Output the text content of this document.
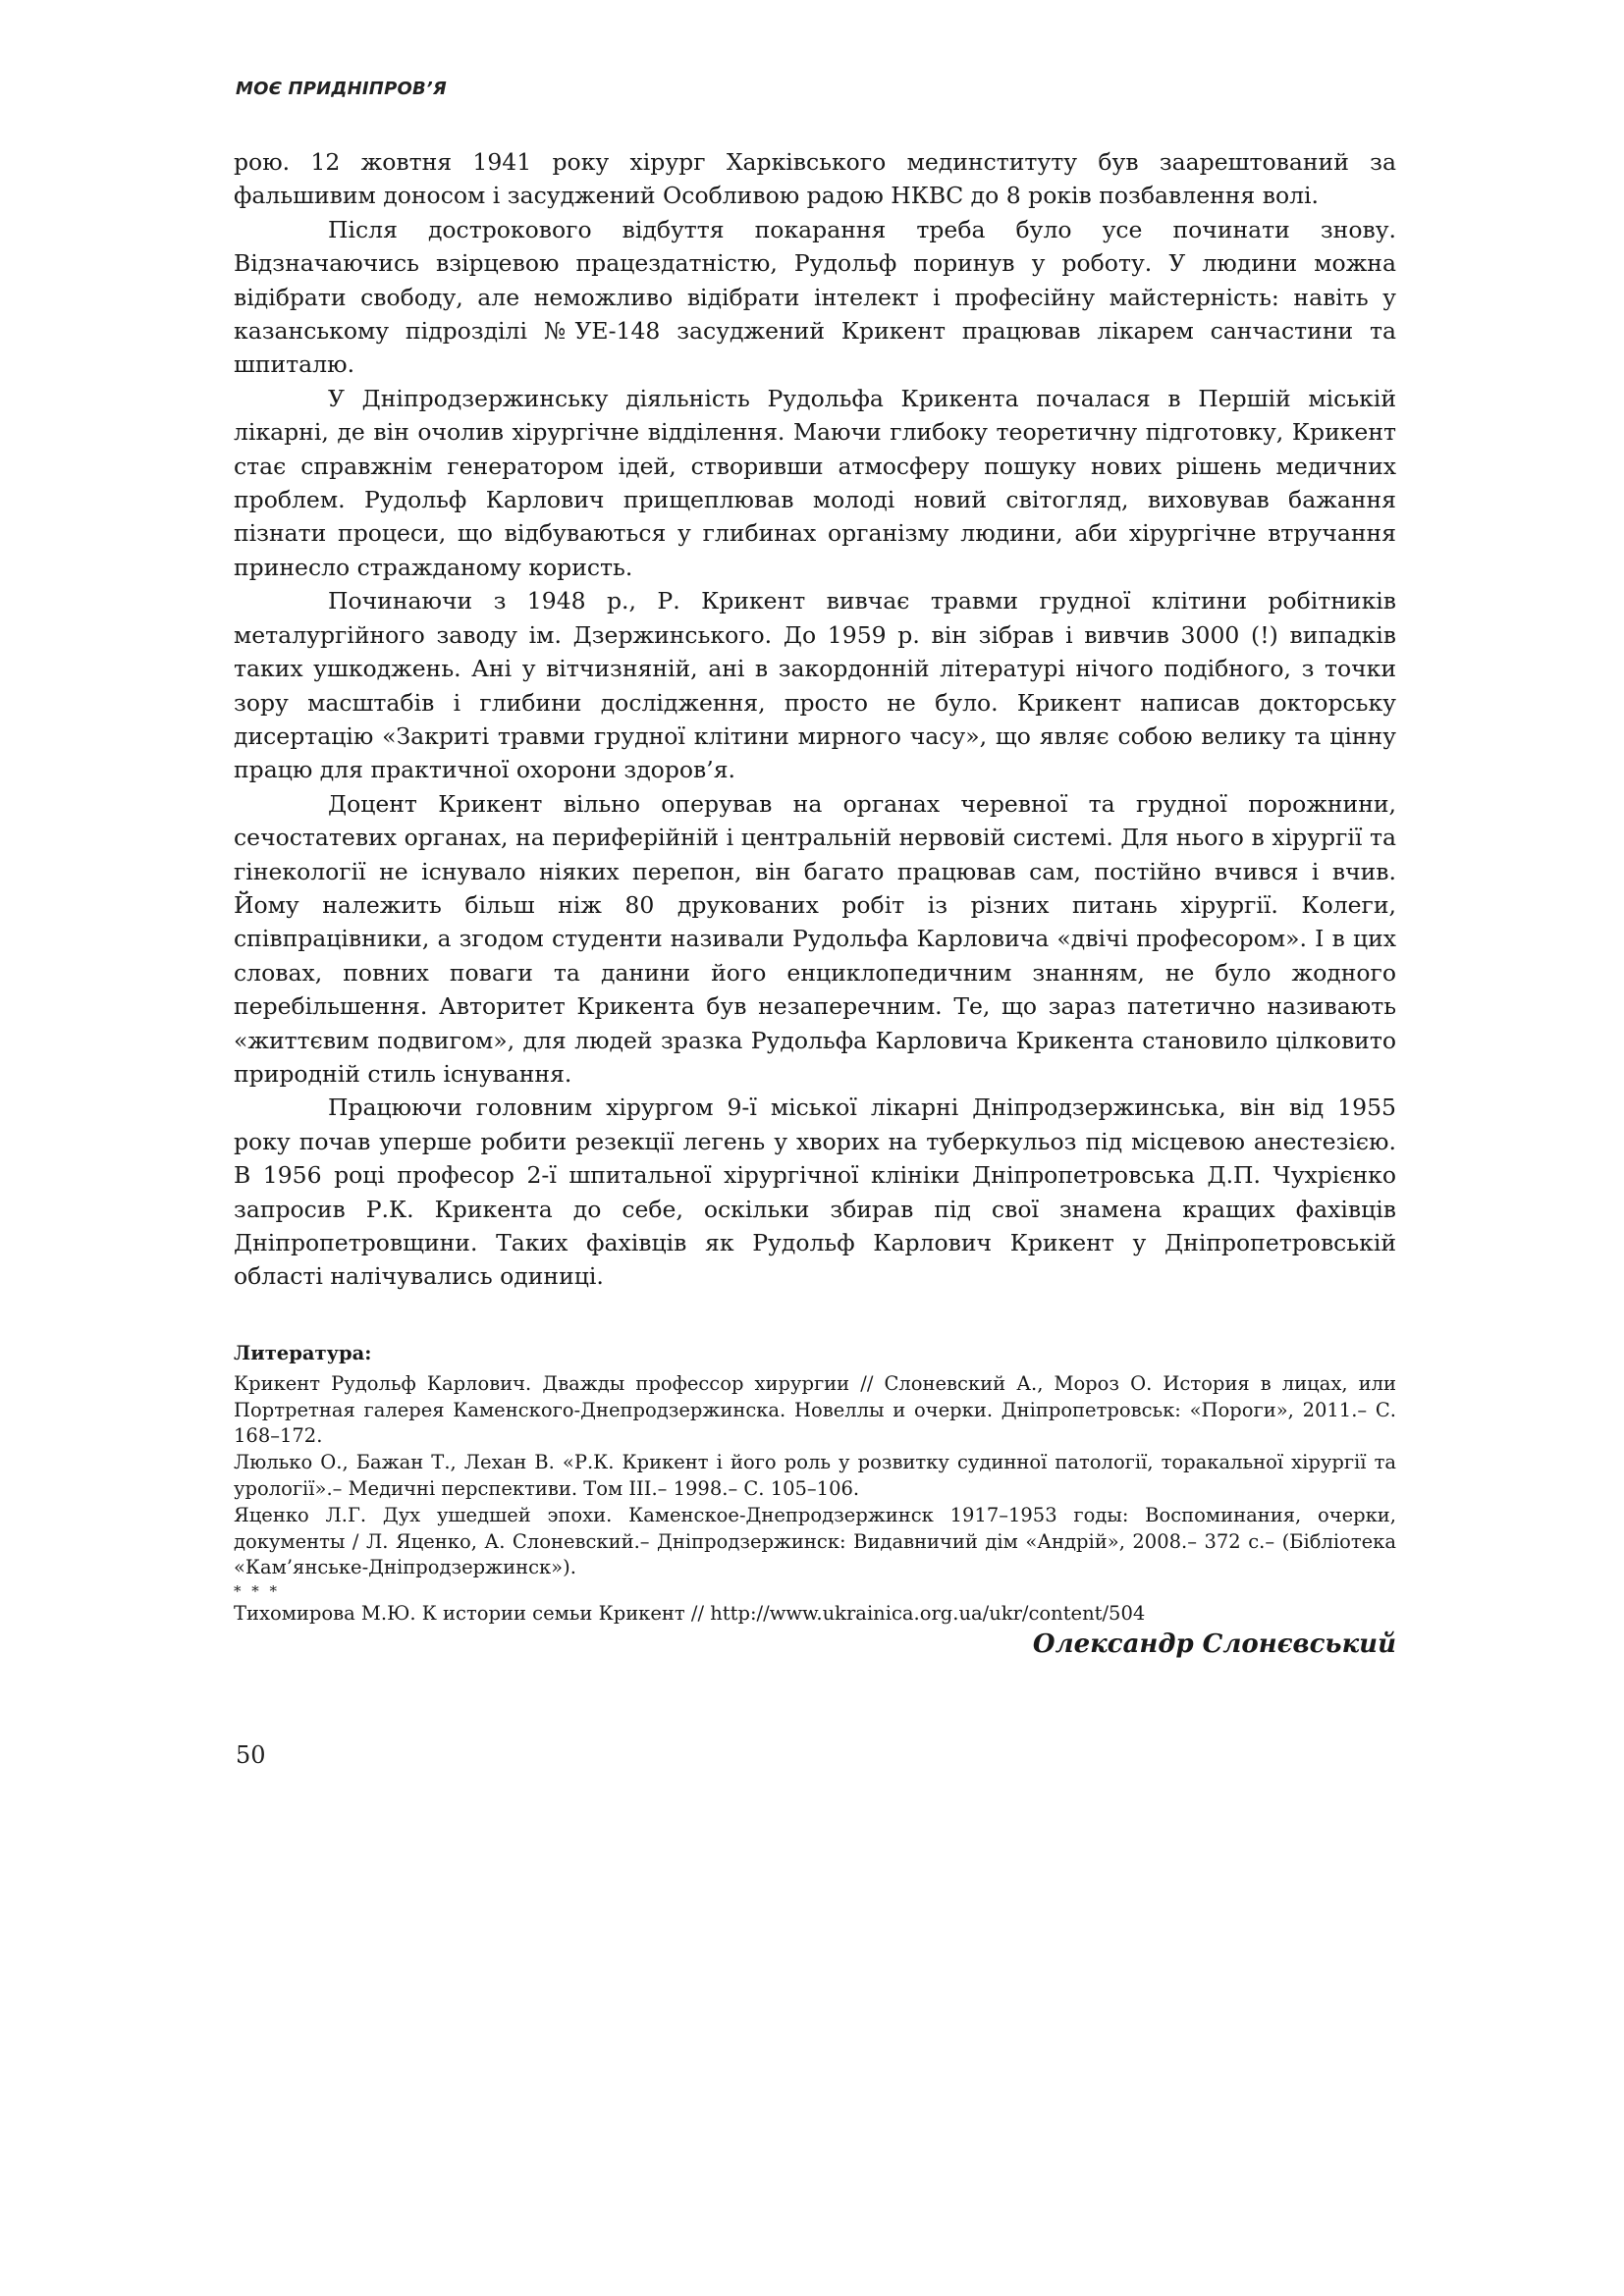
МОЄ ПРИДНІПРОВ’Я

рою. 12 жовтня 1941 року хірург Харківського мединституту був заарештований за фальшивим доносом і засуджений Особливою радою НКВС до 8 років позбавлення волі.

Після дострокового відбуття покарання треба було усе починати знову. Відзначаючись взірцевою працездатністю, Рудольф поринув у роботу. У людини можна відібрати свободу, але неможливо відібрати інтелект і професійну майстерність: навіть у казанському підрозділі №УЕ-148 засуджений Крикент працював лікарем санчастини та шпиталю.

У Дніпродзержинську діяльність Рудольфа Крикента почалася в Першій міській лікарні, де він очолив хірургічне відділення. Маючи глибоку теоретичну підготовку, Крикент стає справжнім генератором ідей, створивши атмосферу пошуку нових рішень медичних проблем. Рудольф Карлович прищеплював молоді новий світогляд, виховував бажання пізнати процеси, що відбуваються у глибинах організму людини, аби хірургічне втручання принесло стражданому користь.

Починаючи з 1948 р., Р. Крикент вивчає травми грудної клітини робітників металургійного заводу ім. Дзержинського. До 1959 р. він зібрав і вивчив 3000 (!) випадків таких ушкоджень. Ані у вітчизняній, ані в закордонній літературі нічого подібного, з точки зору масштабів і глибини дослідження, просто не було. Крикент написав докторську дисертацію «Закриті травми грудної клітини мирного часу», що являє собою велику та цінну працю для практичної охорони здоров’я.

Доцент Крикент вільно оперував на органах черевної та грудної порожнини, сечостатевих органах, на периферійній і центральній нервовій системі. Для нього в хірургії та гінекології не існувало ніяких перепон, він багато працював сам, постійно вчився і вчив. Йому належить більш ніж 80 друкованих робіт із різних питань хірургії. Колеги, співпрацівники, а згодом студенти називали Рудольфа Карловича «двічі професором». І в цих словах, повних поваги та данини його енциклопедичним знанням, не було жодного перебільшення. Авторитет Крикента був незаперечним. Те, що зараз патетично називають «життєвим подвигом», для людей зразка Рудольфа Карловича Крикента становило цілковито природній стиль існування.

Працюючи головним хірургом 9-ї міської лікарні Дніпродзержинська, він від 1955 року почав уперше робити резекції легень у хворих на туберкульоз під місцевою анестезією. В 1956 році професор 2-ї шпитальної хірургічної клініки Дніпропетровська Д.П. Чухрієнко запросив Р.К. Крикента до себе, оскільки збирав під свої знамена кращих фахівців Дніпропетровщини. Таких фахівців як Рудольф Карлович Крикент у Дніпропетровській області налічувались одиниці.

Литература:

Крикент Рудольф Карлович. Дважды профессор хирургии // Слоневский А., Мороз О. История в лицах, или Портретная галерея Каменского-Днепродзержинска. Новеллы и очерки. Дніпропетровськ: «Пороги», 2011.– С. 168–172.

Люлько О., Бажан Т., Лехан В. «Р.К. Крикент і його роль у розвитку судинної патології, торакальної хірургії та урології».– Медичні перспективи. Том ІІІ.– 1998.– С. 105–106.

Яценко Л.Г. Дух ушедшей эпохи. Каменское-Днепродзержинск 1917–1953 годы: Воспоминания, очерки, документы / Л. Яценко, А. Слоневский.– Дніпродзержинск: Видавничий дім «Андрій», 2008.– 372 с.– (Бібліотека «Кам’янське-Дніпродзержинск»).

* * *

Тихомирова М.Ю. К истории семьи Крикент // http://www.ukrainica.org.ua/ukr/content/504

Олександр Слонєвський

50
